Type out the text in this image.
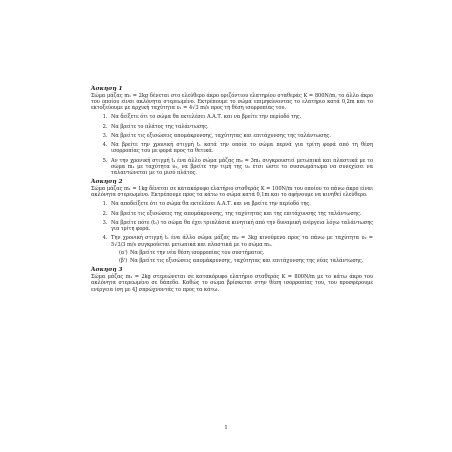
Άσκηση 1

Σώμα μάζας m₁ = 2kg δένεται στο ελεύθερο άκρο οριζόντιου ελατηρίου σταθεράς K = 800N/m, το άλλο άκρο του οποίου είναι ακλόνητα στερεωμένο. Εκτρέπουμε το σώμα επιμηκύνοντας το ελατήριο κατά 0,2m και το εκτοξεύουμε με αρχική ταχύτητα υ₁ = 4√3 m/s προς τη θέση ισορροπίας του.

1. Να δείξετε ότι το σώμα θα εκτελέσει Α.Α.Τ. και να βρείτε την περίοδό της.
2. Να βρείτε το πλάτος της ταλάντωσης.
3. Να βρείτε τις εξισώσεις απομάκρυνσης, ταχύτητας και επιτάχυνσης της ταλάντωσης.
4. Να βρείτε την χρονική στιγμή t₁ κατά την οποία το σώμα περνά για τρίτη φορά από τη θέση ισορροπίας του με φορά προς τα θετικά.
5. Αν την χρονική στιγμή t₁ ένα άλλο σώμα μάζας m₂ = 3m₁ συγκρουστεί μετωπικά και πλαστικά με το σώμα m₁ με ταχύτητα υ₂, να βρείτε την τιμή της υ₂ έτσι ώστε το συσσωμάτωμα να συνεχίσει να ταλαντώνεται με το μισό πλάτος.
Άσκηση 2

Σώμα μάζας m₁ = 1kg δένεται σε κατακόρυφο ελατήριο σταθεράς K = 100N/m του οποίου το πάνω άκρο είναι ακλόνητα στερεωμένο. Εκτρέπουμε προς τα κάτω το σώμα κατά 0,1m και το αφήνουμε να κινηθεί ελεύθερο.

1. Να αποδείξετε ότι το σώμα θα εκτελέσει Α.Α.Τ. και να βρείτε την περίοδό της.
2. Να βρείτε τις εξισώσεις της απομάκρυνσης, της ταχύτητας και της επιτάχυνσης της ταλάντωσης.
3. Να βρείτε πότε (t₁) το σώμα θα έχει τριπλάσια κινητική από την δυναμική ενέργεια λόγω ταλάντωσης για τρίτη φορά.
4. Την χρονική στιγμή t₁ ένα άλλο σώμα μάζας m₂ = 3kg κινούμενο προς τα πάνω με ταχύτητα υ₂ = 5√3/3 m/s συγκρούεται μετωπικά και πλαστικά με το σώμα m₁.
(α') Να βρείτε την νέα θέση ισορροπίας του συστήματος.
(β') Να βρείτε τις εξισώσεις απομάκρυνσης, ταχύτητας και επιτάχυνσης της νέας ταλάντωσης.
Άσκηση 3

Σώμα μάζας m₁ = 2kg στερεώνεται σε κατακόρυφο ελατήριο σταθεράς K = 800N/m με το κάτω άκρο του ακλόνητα στερεωμένο σε δάπεδο. Καθώς το σώμα βρίσκεται στην θέση ισορροπίας του, του προσφέρουμε ενέργεια ίση με 4J σπρώχνοντάς το προς τα κάτω.

1
